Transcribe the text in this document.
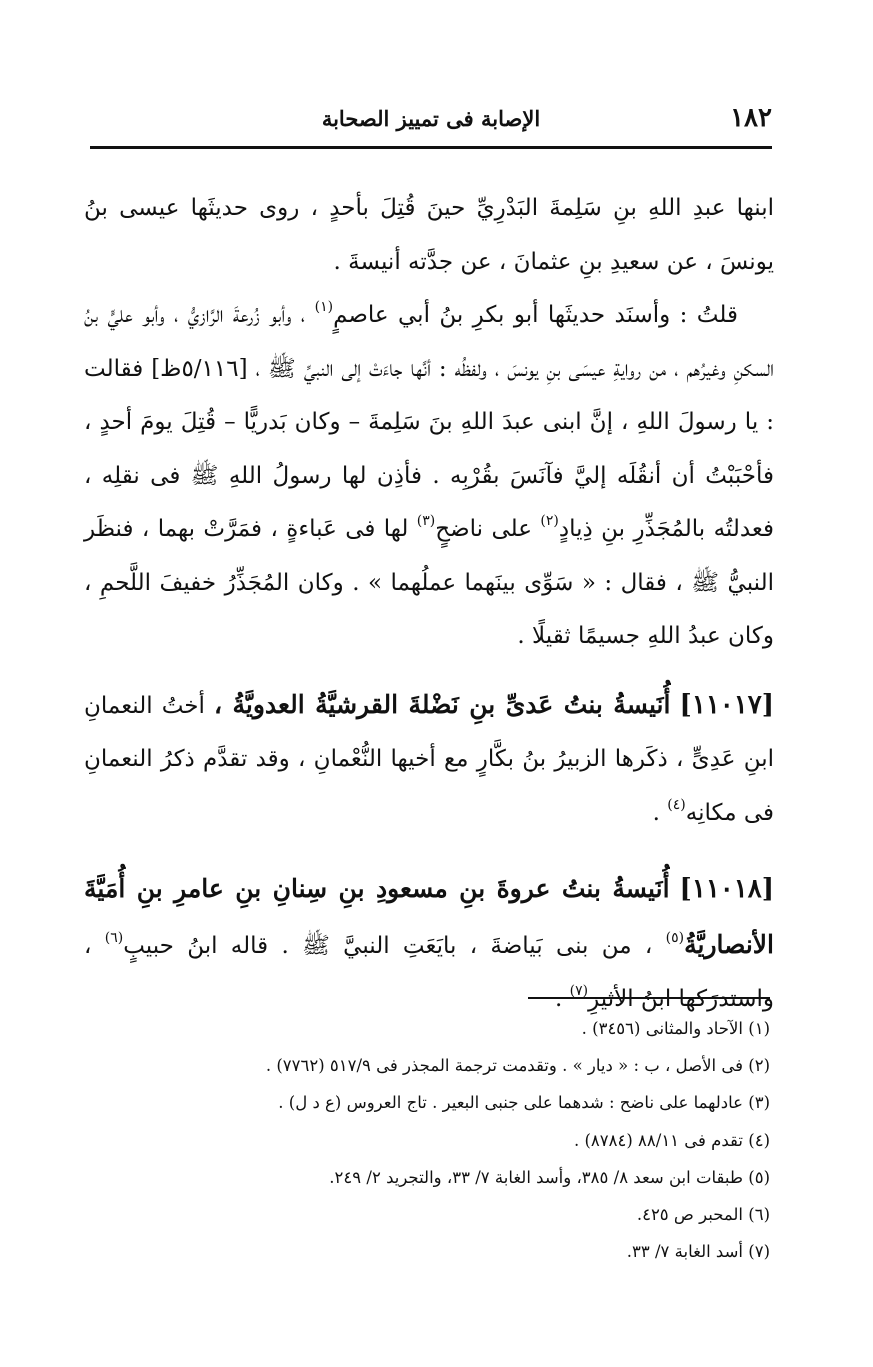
١٨٢
الإصابة فى تمييز الصحابة

ابنها عبدِ اللهِ بنِ سَلِمةَ البَدْرِيِّ حينَ قُتِلَ بأحدٍ ، روى حديثَها عيسى بنُ يونسَ ، عن سعيدِ بنِ عثمانَ ، عن جدَّته أنيسةَ .

قلتُ : وأسنَد حديثَها أبو بكرِ بنُ أبي عاصمٍ$^{(١)}$ ، وأبو زُرعةَ الرَّازيُّ ، وأبو عليٍّ بنُ السكنِ وغيرُهم ، من روايةِ عيسَى بنِ يونسَ ، ولفظُه : أنَّها جاءَتْ إلى النبيِّ ﷺ ، [٥/١١٦ظ] فقالت : يا رسولَ اللهِ ، إنَّ ابنى عبدَ اللهِ بنَ سَلِمةَ – وكان بَدريًّا – قُتِلَ يومَ أحدٍ ، فأحْبَبْتُ أن أنقُلَه إليَّ فآنَسَ بقُرْبِه . فأذِن لها رسولُ اللهِ ﷺ فى نقلِه ، فعدلتُه بالمُجَذِّرِ بنِ ذِيادٍ$^{(٢)}$ على ناضحٍ$^{(٣)}$ لها فى عَباءةٍ ، فمَرَّتْ بهما ، فنظَر النبيُّ ﷺ ، فقال : « سَوِّى بينَهما عملُهما » . وكان المُجَذِّرُ خفيفَ اللَّحمِ ، وكان عبدُ اللهِ جسيمًا ثقيلًا .

[١١٠١٧] أُنَيسةُ بنتُ عَدىِّ بنِ نَضْلةَ القرشيَّةُ العدويَّةُ ، أختُ النعمانِ ابنِ عَدِىٍّ ، ذكَرها الزبيرُ بنُ بكَّارٍ مع أخيها النُّعْمانِ ، وقد تقدَّم ذكرُ النعمانِ فى مكانِه$^{(٤)}$ .

[١١٠١٨] أُنَيسةُ بنتُ عروةَ بنِ مسعودِ بنِ سِنانِ بنِ عامرِ بنِ أُمَيَّةَ الأنصاريَّةُ$^{(٥)}$ ، من بنى بَياضةَ ، بايَعَتِ النبيَّ ﷺ . قاله ابنُ حبيبٍ$^{(٦)}$ ، واستدرَكها ابنُ الأثيرِ$^{(٧)}$ .

(١) الآحاد والمثانى (٣٤٥٦) .

(٢) فى الأصل ، ب : « ديار » . وتقدمت ترجمة المجذر فى ٥١٧/٩ (٧٧٦٢) .

(٣) عادلهما على ناضح : شدهما على جنبى البعير . تاج العروس (ع د ل) .

(٤) تقدم فى ٨٨/١١ (٨٧٨٤) .

(٥) طبقات ابن سعد ٨/ ٣٨٥، وأسد الغابة ٧/ ٣٣، والتجريد ٢/ ٢٤٩.

(٦) المحبر ص ٤٢٥.

(٧) أسد الغابة ٧/ ٣٣.
